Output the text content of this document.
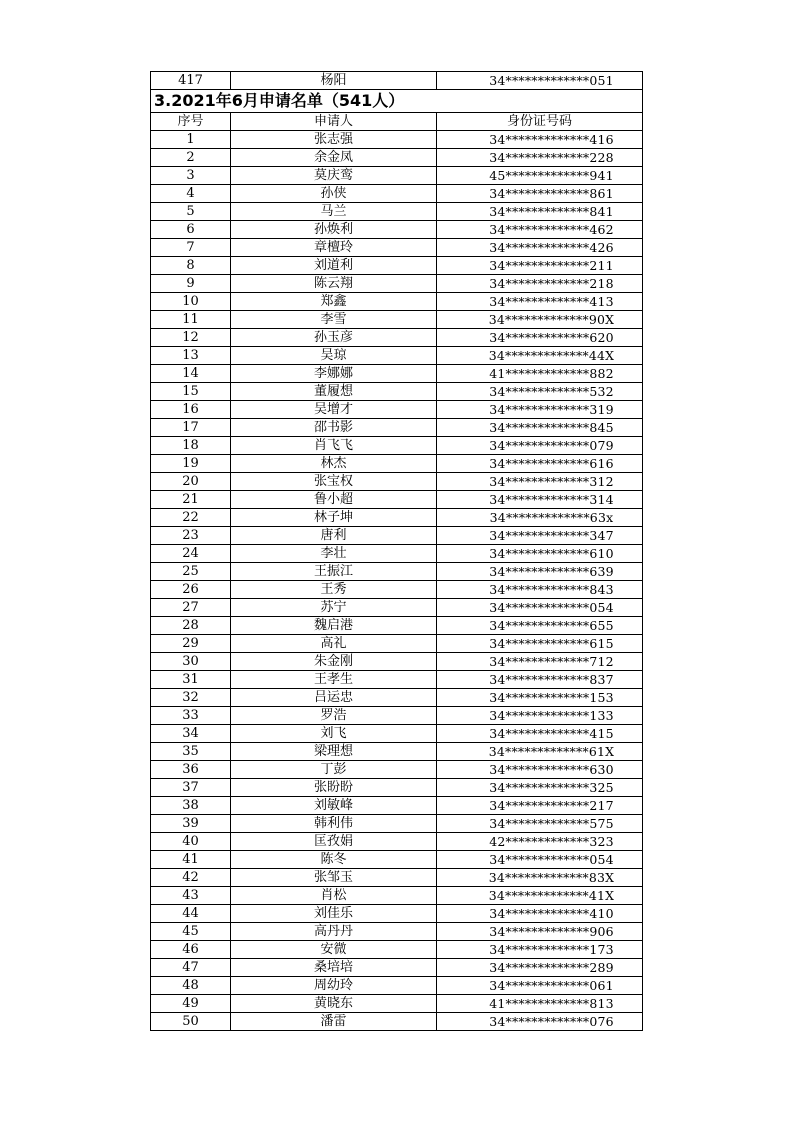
417	杨阳	34*************051
3.2021年6月申请名单（541人）		
序号	申请人	身份证号码
1	张志强	34*************416
2	余金凤	34*************228
3	莫庆鸾	45*************941
4	孙侠	34*************861
5	马兰	34*************841
6	孙焕利	34*************462
7	章檀玲	34*************426
8	刘道利	34*************211
9	陈云翔	34*************218
10	郑鑫	34*************413
11	李雪	34*************90X
12	孙玉彦	34*************620
13	吴琼	34*************44X
14	李娜娜	41*************882
15	董履想	34*************532
16	吴增才	34*************319
17	邵书影	34*************845
18	肖飞飞	34*************079
19	林杰	34*************616
20	张宝权	34*************312
21	鲁小超	34*************314
22	林子坤	34*************63x
23	唐利	34*************347
24	李壮	34*************610
25	王振江	34*************639
26	王秀	34*************843
27	苏宁	34*************054
28	魏启港	34*************655
29	高礼	34*************615
30	朱金刚	34*************712
31	王孝生	34*************837
32	吕运忠	34*************153
33	罗浩	34*************133
34	刘飞	34*************415
35	梁理想	34*************61X
36	丁彭	34*************630
37	张盼盼	34*************325
38	刘敏峰	34*************217
39	韩利伟	34*************575
40	匡孜娟	42*************323
41	陈冬	34*************054
42	张邹玉	34*************83X
43	肖松	34*************41X
44	刘佳乐	34*************410
45	高丹丹	34*************906
46	安微	34*************173
47	桑培培	34*************289
48	周幼玲	34*************061
49	黄晓东	41*************813
50	潘雷	34*************076
